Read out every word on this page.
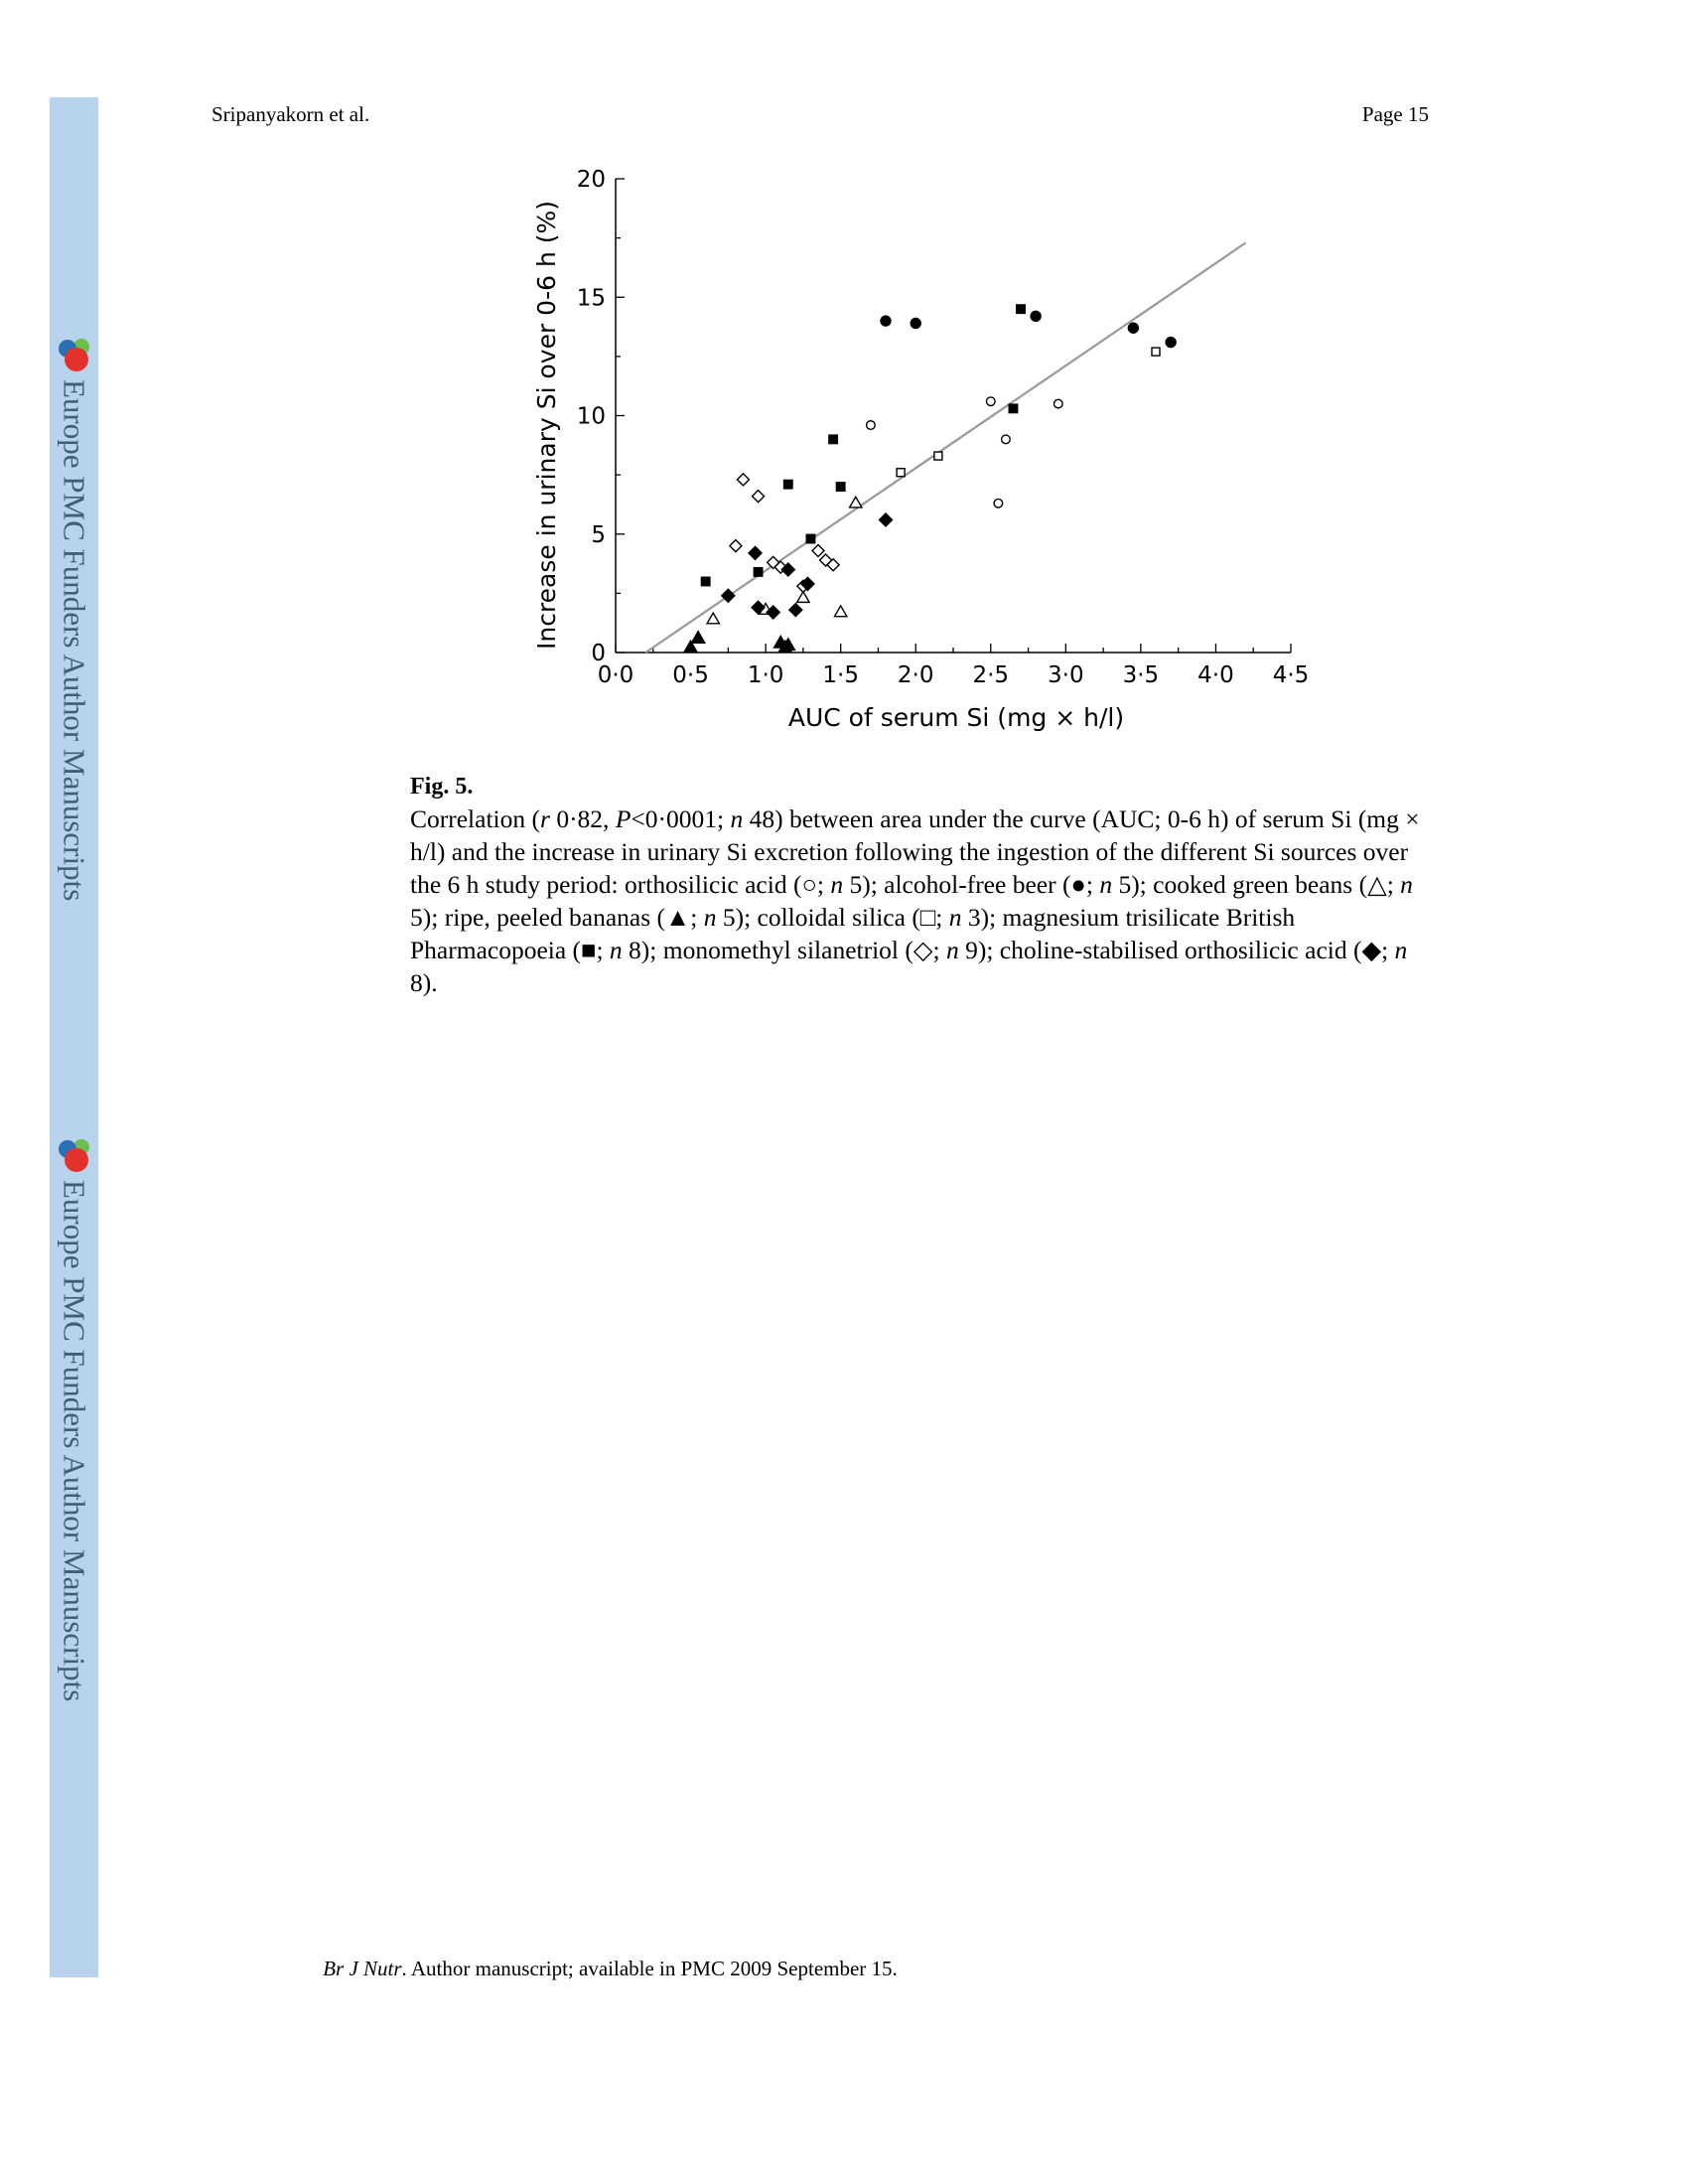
Europe PMC Funders Author Manuscripts
Europe PMC Funders Author Manuscripts
Sripanyakorn et al.	Page 15
0·0 0·5 1·0 1·5 2·0 2·5 3·0 3·5 4·0 4·5
0
5
10
15
20
AUC of serum Si (mg × h/l)
Increase in urinary Si over 0-6 h (%)
Fig. 5.
Correlation (r 0·82, P<0·0001; n 48) between area under the curve (AUC; 0-6 h) of serum Si (mg × h/l) and the increase in urinary Si excretion following the ingestion of the different Si sources over the 6 h study period: orthosilicic acid (○; n 5); alcohol-free beer (●; n 5); cooked green beans (△; n 5); ripe, peeled bananas (▲; n 5); colloidal silica (□; n 3); magnesium trisilicate British Pharmacopoeia (■; n 8); monomethyl silanetriol (◇; n 9); choline-stabilised orthosilicic acid (◆; n 8).
Br J Nutr. Author manuscript; available in PMC 2009 September 15.
